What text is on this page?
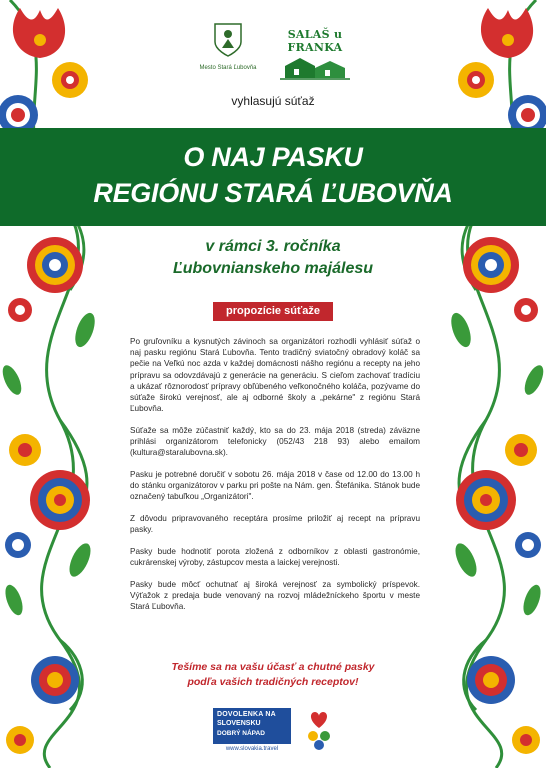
Mesto Stará Ľubovňa
SALAŠ u FRANKA
vyhlasujú súťaž
v rámci 3. ročníka
Ľubovnianskeho majálesu
propozície súťaže

Po gruľovníku a kysnutých závinoch sa organizátori rozhodli vyhlásiť súťaž o naj pasku regiónu Stará Ľubovňa. Tento tradičný sviatočný obradový koláč sa pečie na Veľkú noc azda v každej domácnosti nášho regiónu a recepty na jeho prípravu sa odovzdávajú z generácie na generáciu. S cieľom zachovať tradíciu a ukázať rôznorodosť prípravy obľúbeného veľkonočného koláča, pozývame do súťaže širokú verejnosť, ale aj odborné školy a „pekárne" z regiónu Stará Ľubovňa.

Súťaže sa môže zúčastniť každý, kto sa do 23. mája 2018 (streda) záväzne prihlási organizátorom telefonicky (052/43 218 93) alebo emailom (kultura@staralubovna.sk).

Pasku je potrebné doručiť v sobotu 26. mája 2018 v čase od 12.00 do 13.00 h do stánku organizátorov v parku pri pošte na Nám. gen. Štefánika. Stánok bude označený tabuľkou „Organizátori".

Z dôvodu pripravovaného receptára prosíme priložiť aj recept na prípravu pasky.

Pasky bude hodnotiť porota zložená z odborníkov z oblasti gastronómie, cukrárenskej výroby, zástupcov mesta a laickej verejnosti.

Pasky bude môcť ochutnať aj široká verejnosť za symbolický príspevok. Výťažok z predaja bude venovaný na rozvoj mládežníckeho športu v meste Stará Ľubovňa.

Tešíme sa na vašu účasť a chutné pasky
podľa vašich tradičných receptov!
DOVOLENKA NA
SLOVENSKU
DOBRÝ NÁPAD
www.slovakia.travel
O NAJ PASKU
REGIÓNU STARÁ ĽUBOVŇA
